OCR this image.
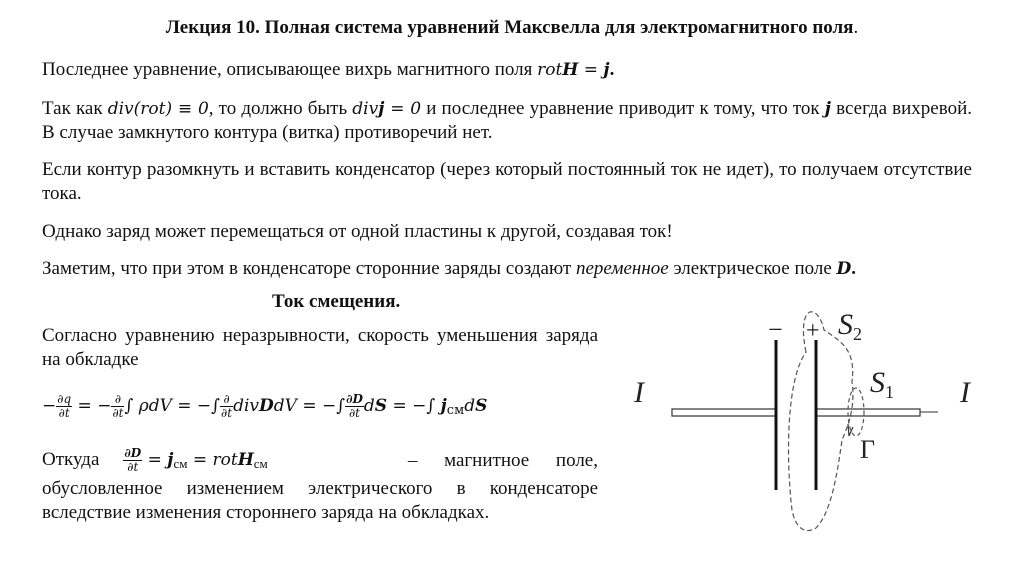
Лекция 10. Полная система уравнений Максвелла для электромагнитного поля.
Последнее уравнение, описывающее вихрь магнитного поля rotH = j.
Так как div(rot) ≡ 0, то должно быть divj = 0 и последнее уравнение приводит к тому, что ток j всегда вихревой. В случае замкнутого контура (витка) противоречий нет.
Если контур разомкнуть и вставить конденсатор (через который постоянный ток не идет), то получаем отсутствие тока.
Однако заряд может перемещаться от одной пластины к другой, создавая ток!
Заметим, что при этом в конденсаторе сторонние заряды создают переменное электрическое поле D.
Ток смещения.
Согласно уравнению неразрывности, скорость уменьшения заряда на обкладке
− $\frac{\partial q}{\partial t}$ = − $\frac{\partial}{\partial t}$ ∫ ρdV = −∫ $\frac{\partial}{\partial t}$ divDdV = −∫ $\frac{\partial D}{\partial t}$ dS = −∫ $j_{см}dS$
Откуда $\frac{\partial D}{\partial t} = j_{см}$ = rotH$_{см}$	– магнитное поле,
обусловленное изменением электрического в конденсаторе вследствие изменения стороннего заряда на обкладках.
I	I
− + $S_2$
$S_1$
Γ
